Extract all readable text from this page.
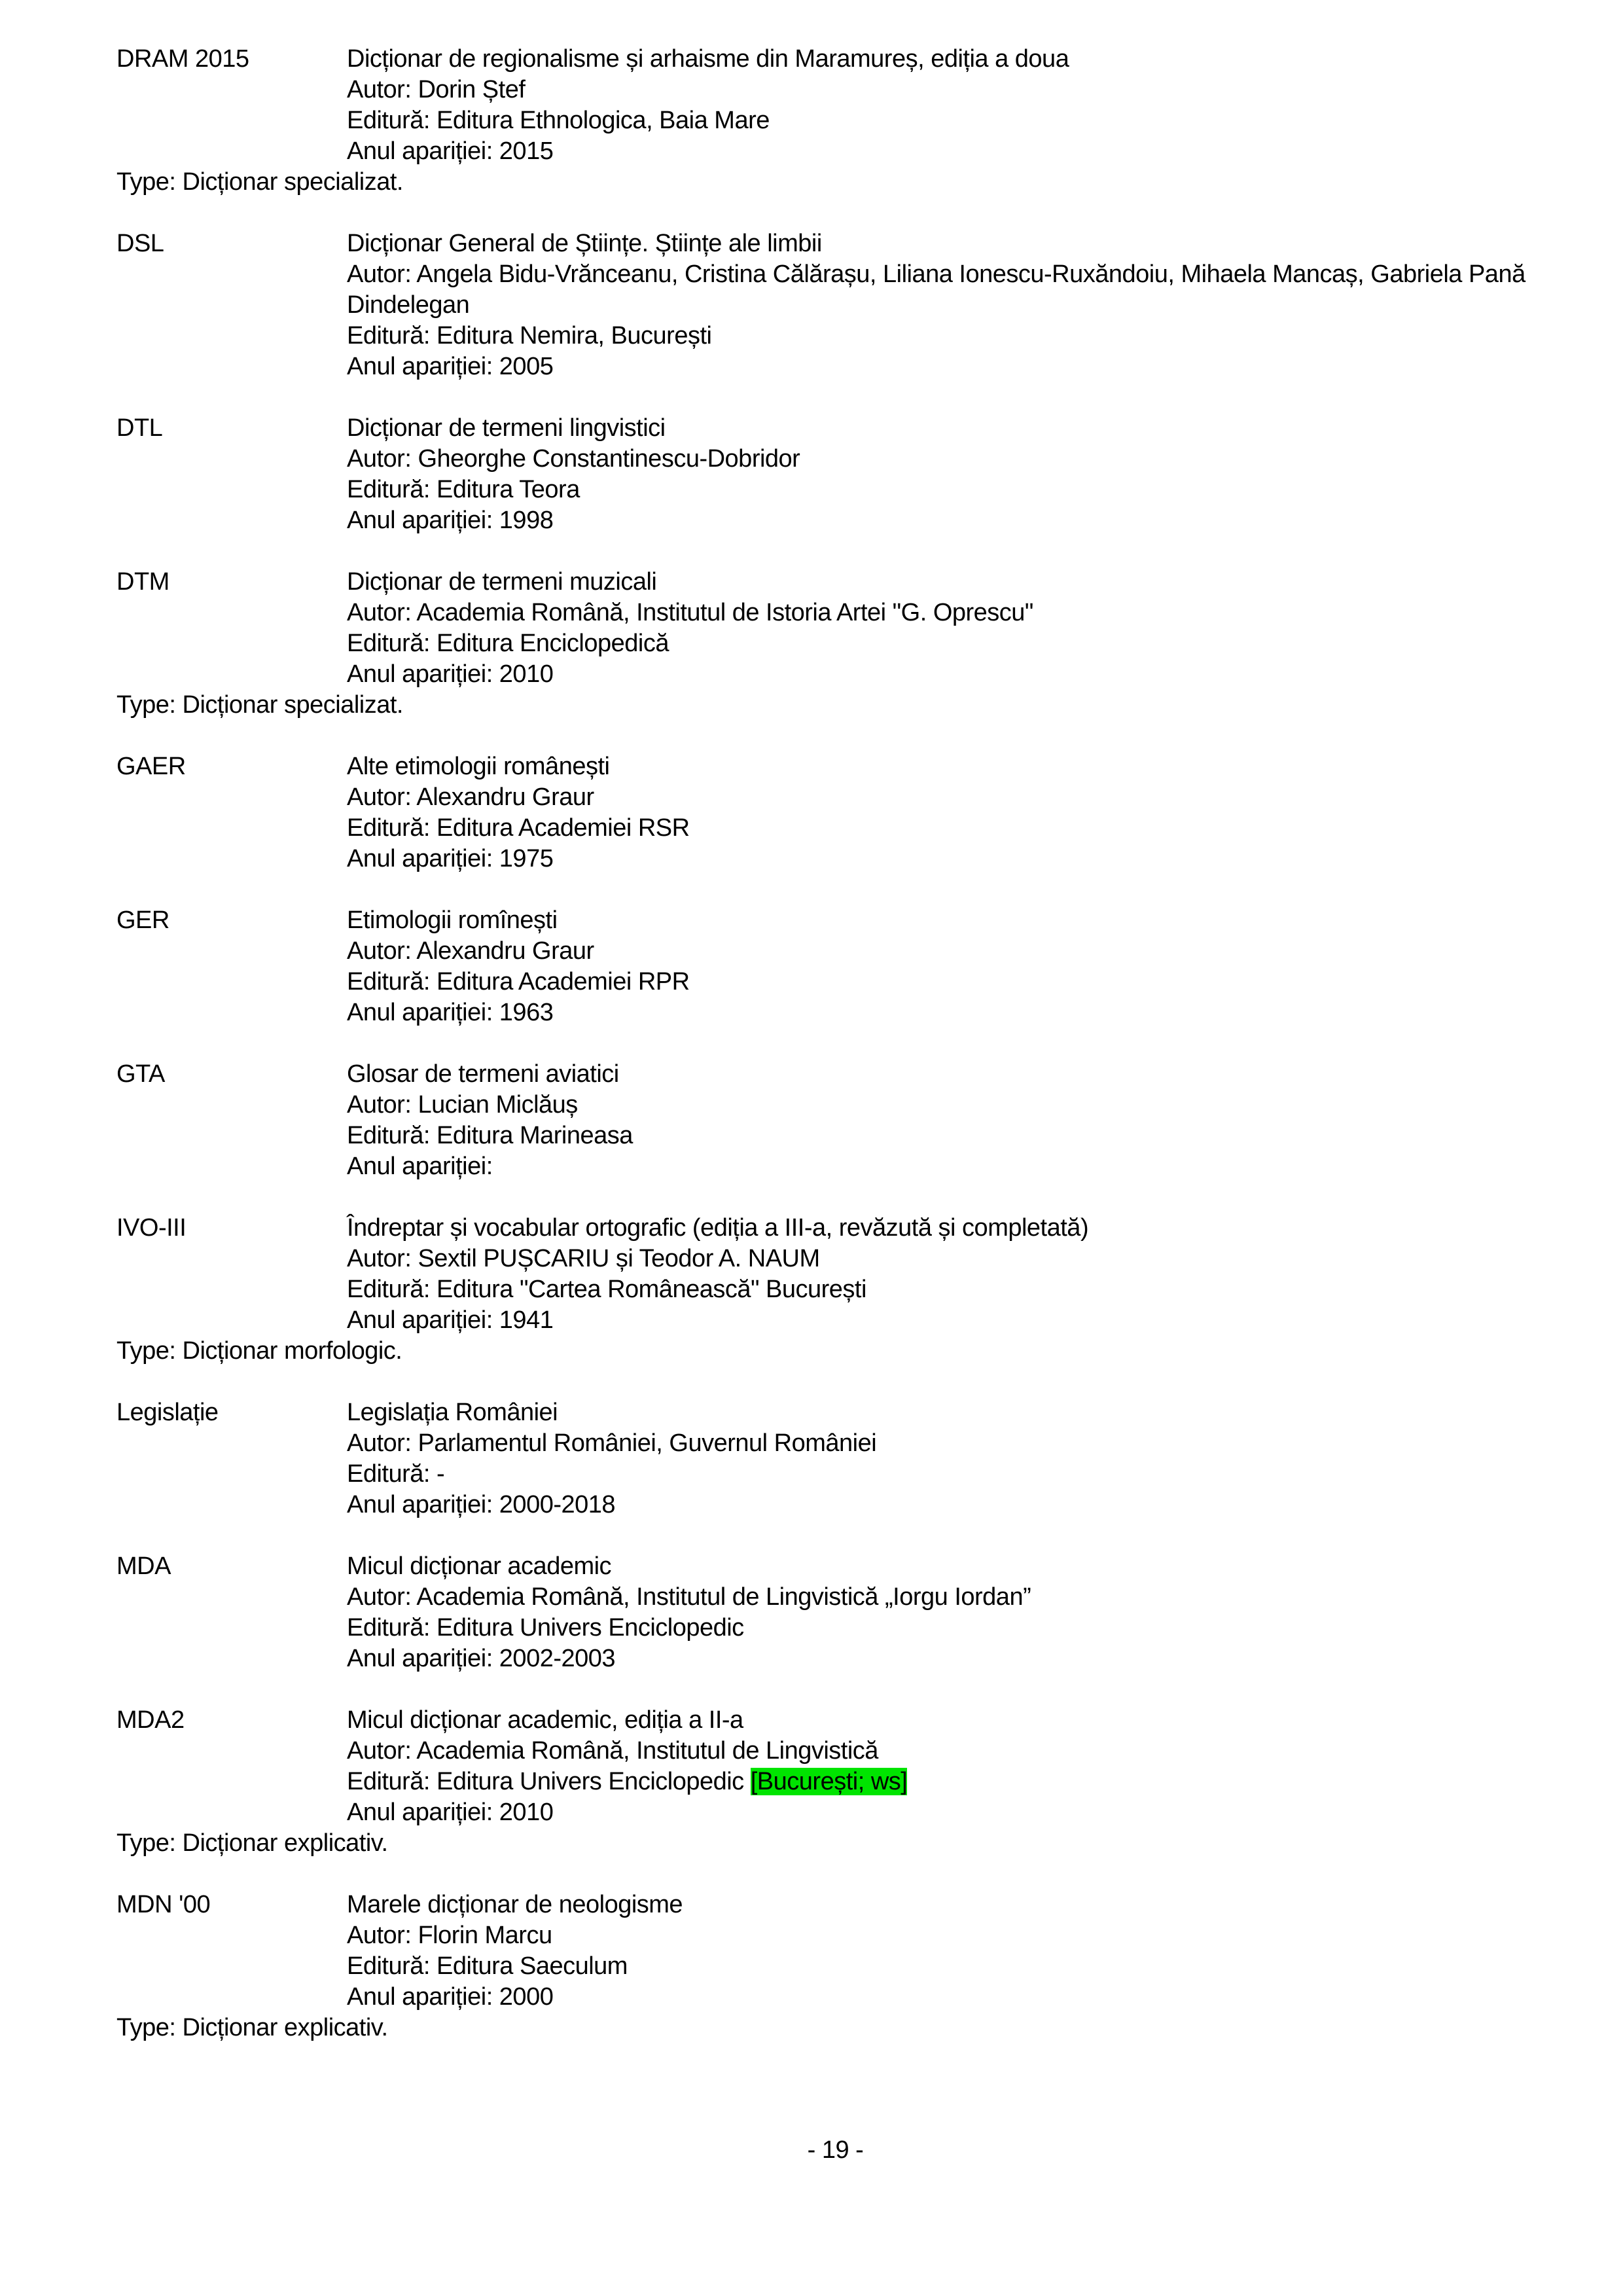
DRAM 2015	Dicționar de regionalisme și arhaisme din Maramureș, ediția a doua
Autor: Dorin Ștef
Editură: Editura Ethnologica, Baia Mare
Anul apariției: 2015
Type: Dicționar specializat.
DSL	Dicționar General de Științe. Științe ale limbii
Autor: Angela Bidu-Vrănceanu, Cristina Călărașu, Liliana Ionescu-Ruxăndoiu, Mihaela Mancaș, Gabriela Pană Dindelegan
Editură: Editura Nemira, București
Anul apariției: 2005
DTL	Dicționar de termeni lingvistici
Autor: Gheorghe Constantinescu-Dobridor
Editură: Editura Teora
Anul apariției: 1998
DTM	Dicționar de termeni muzicali
Autor: Academia Română, Institutul de Istoria Artei "G. Oprescu"
Editură: Editura Enciclopedică
Anul apariției: 2010
Type: Dicționar specializat.
GAER	Alte etimologii românești
Autor: Alexandru Graur
Editură: Editura Academiei RSR
Anul apariției: 1975
GER	Etimologii romînești
Autor: Alexandru Graur
Editură: Editura Academiei RPR
Anul apariției: 1963
GTA	Glosar de termeni aviatici
Autor: Lucian Miclăuș
Editură: Editura Marineasa
Anul apariției:
IVO-III	Îndreptar și vocabular ortografic (ediția a III-a, revăzută și completată)
Autor: Sextil PUȘCARIU și Teodor A. NAUM
Editură: Editura "Cartea Românească" București
Anul apariției: 1941
Type: Dicționar morfologic.
Legislație	Legislația României
Autor: Parlamentul României, Guvernul României
Editură: -
Anul apariției: 2000-2018
MDA	Micul dicționar academic
Autor: Academia Română, Institutul de Lingvistică „Iorgu Iordan”
Editură: Editura Univers Enciclopedic
Anul apariției: 2002-2003
MDA2	Micul dicționar academic, ediția a II-a
Autor: Academia Română, Institutul de Lingvistică
Editură: Editura Univers Enciclopedic [București; ws]
Anul apariției: 2010
Type: Dicționar explicativ.
MDN '00	Marele dicționar de neologisme
Autor: Florin Marcu
Editură: Editura Saeculum
Anul apariției: 2000
Type: Dicționar explicativ.
- 19 -
